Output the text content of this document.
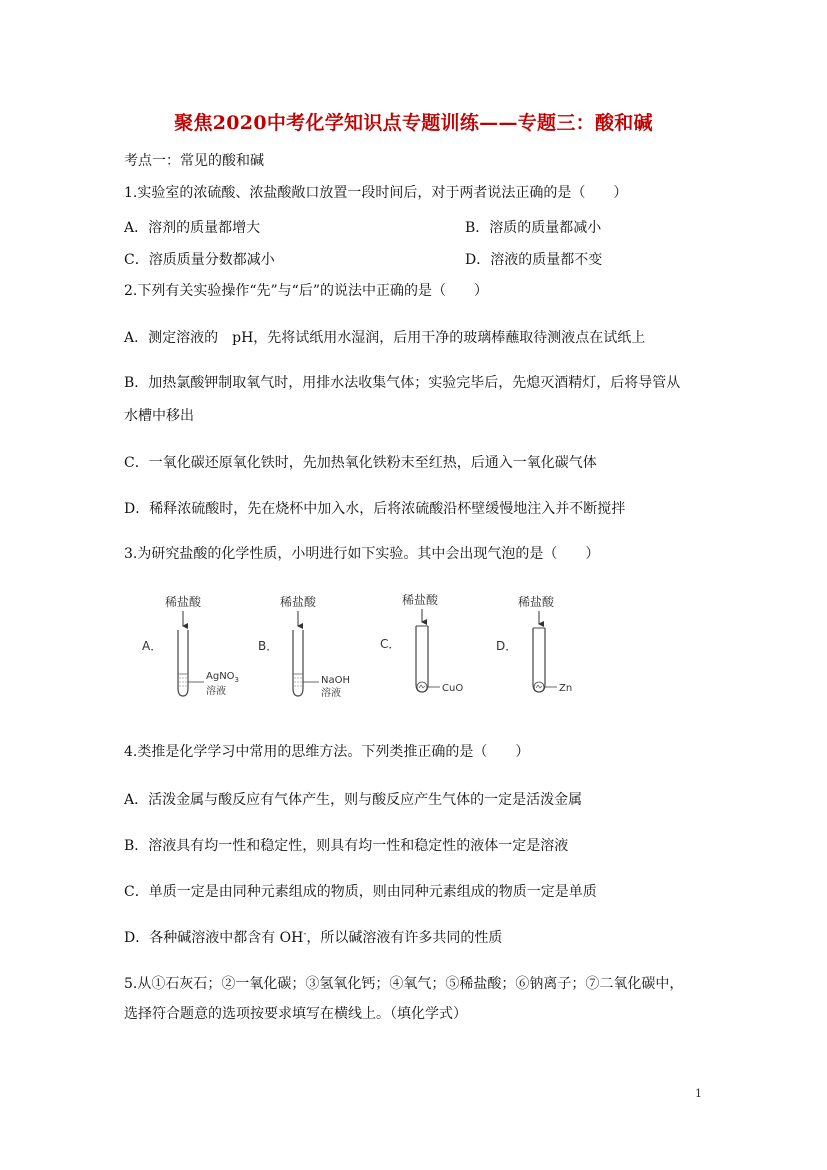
聚焦2020中考化学知识点专题训练——专题三：酸和碱
考点一：常见的酸和碱
1.实验室的浓硫酸、浓盐酸敞口放置一段时间后，对于两者说法正确的是（　　）
A．溶剂的质量都增大	B．溶质的质量都减小
C．溶质质量分数都减小	D．溶液的质量都不变
2.下列有关实验操作“先”与“后”的说法中正确的是（　　）
A．测定溶液的　pH，先将试纸用水湿润，后用干净的玻璃棒蘸取待测液点在试纸上
B．加热氯酸钾制取氧气时，用排水法收集气体；实验完毕后，先熄灭酒精灯，后将导管从
水槽中移出
C．一氧化碳还原氧化铁时，先加热氧化铁粉末至红热，后通入一氧化碳气体
D．稀释浓硫酸时，先在烧杯中加入水，后将浓硫酸沿杯壁缓慢地注入并不断搅拌
3.为研究盐酸的化学性质，小明进行如下实验。其中会出现气泡的是（　　）
稀盐酸
A．
AgNO$_3$
溶液
稀盐酸
B．
NaOH
溶液
稀盐酸
C．
CuO
稀盐酸
D．
Zn
4.类推是化学学习中常用的思维方法。下列类推正确的是（　　）
A．活泼金属与酸反应有气体产生，则与酸反应产生气体的一定是活泼金属
B．溶液具有均一性和稳定性，则具有均一性和稳定性的液体一定是溶液
C．单质一定是由同种元素组成的物质，则由同种元素组成的物质一定是单质
D．各种碱溶液中都含有 OH-，所以碱溶液有许多共同的性质
5.从①石灰石；②一氧化碳；③氢氧化钙；④氧气；⑤稀盐酸；⑥钠离子；⑦二氧化碳中，
选择符合题意的选项按要求填写在横线上。（填化学式）
1
